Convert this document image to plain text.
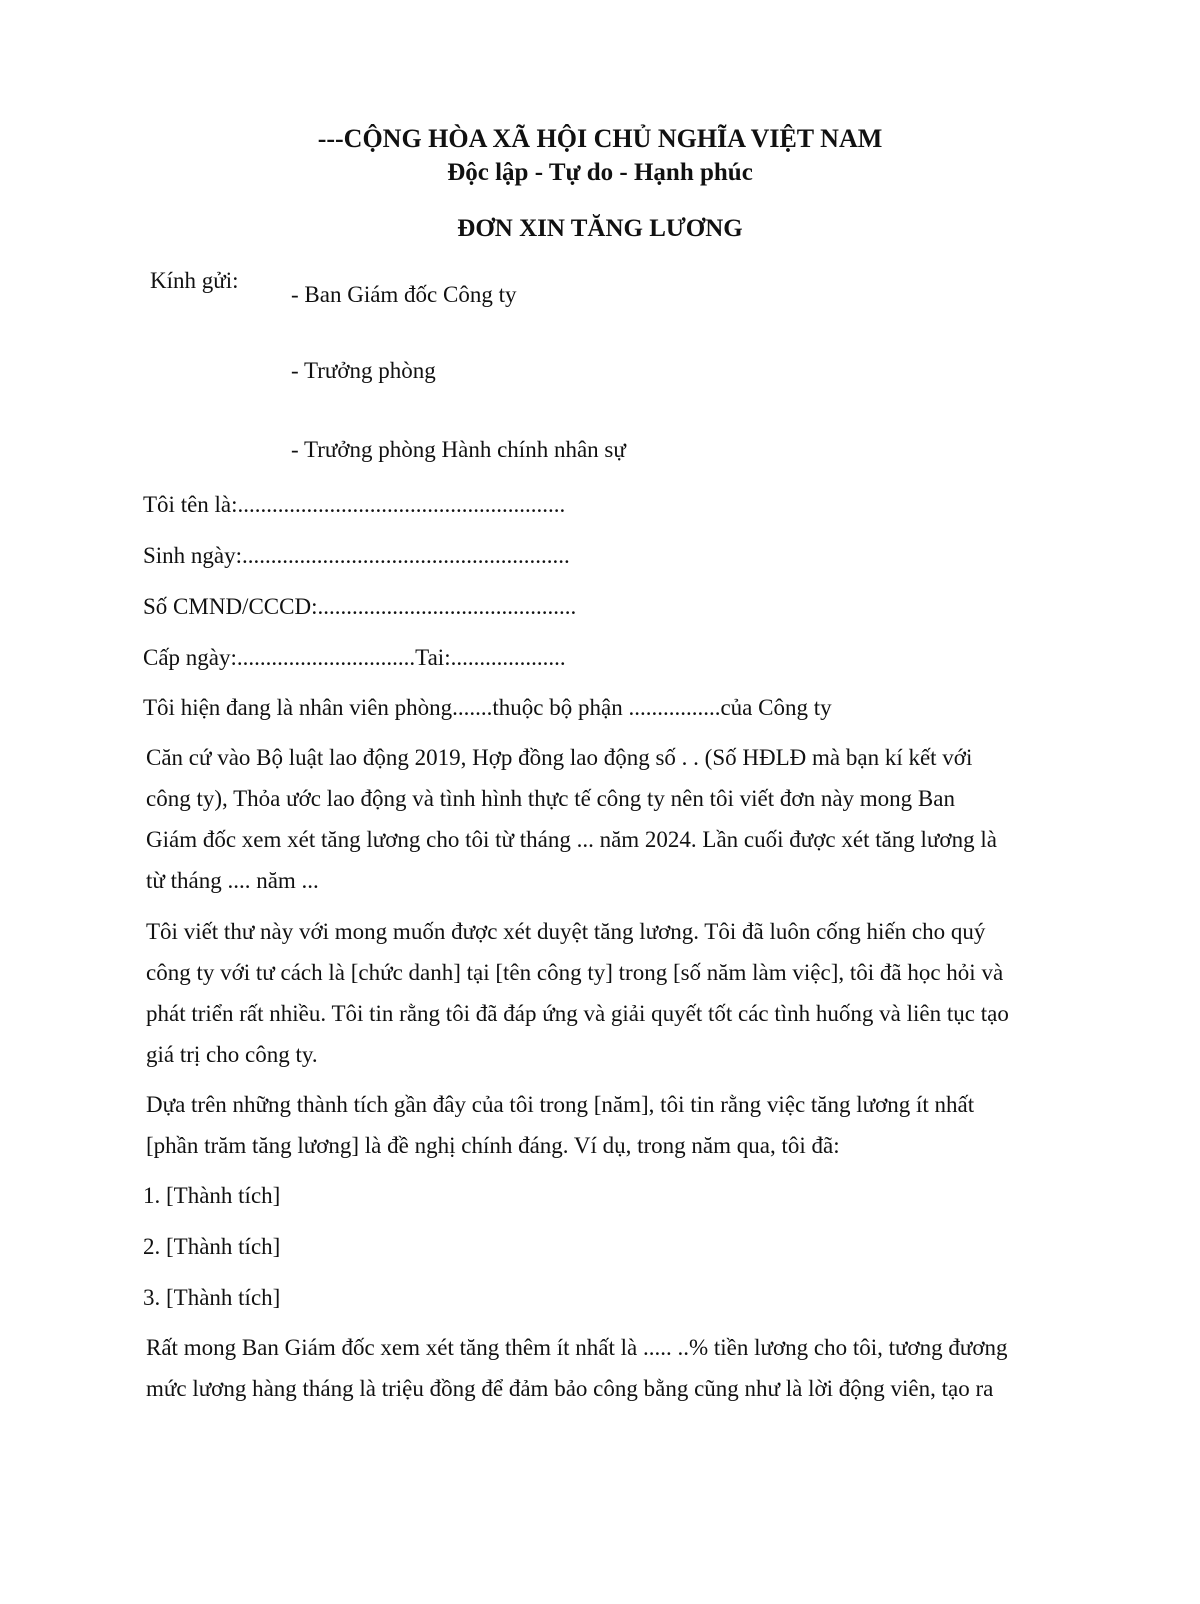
---CỘNG HÒA XÃ HỘI CHỦ NGHĨA VIỆT NAM
Độc lập - Tự do - Hạnh phúc
ĐƠN XIN TĂNG LƯƠNG
Kính gửi:
- Ban Giám đốc Công ty
- Trưởng phòng
- Trưởng phòng Hành chính nhân sự
Tôi tên là:.........................................................
Sinh ngày:.........................................................
Số CMND/CCCD:.............................................
Cấp ngày:...............................Tai:....................
Tôi hiện đang là nhân viên phòng.......thuộc bộ phận ................của Công ty
Căn cứ vào Bộ luật lao động 2019, Hợp đồng lao động số . . (Số HĐLĐ mà bạn kí kết với
công ty), Thỏa ước lao động và tình hình thực tế công ty nên tôi viết đơn này mong Ban
Giám đốc xem xét tăng lương cho tôi từ tháng ... năm 2024. Lần cuối được xét tăng lương là
từ tháng .... năm ...
Tôi viết thư này với mong muốn được xét duyệt tăng lương. Tôi đã luôn cống hiến cho quý
công ty với tư cách là [chức danh] tại [tên công ty] trong [số năm làm việc], tôi đã học hỏi và
phát triển rất nhiều. Tôi tin rằng tôi đã đáp ứng và giải quyết tốt các tình huống và liên tục tạo
giá trị cho công ty.
Dựa trên những thành tích gần đây của tôi trong [năm], tôi tin rằng việc tăng lương ít nhất
[phần trăm tăng lương] là đề nghị chính đáng. Ví dụ, trong năm qua, tôi đã:
1. [Thành tích]
2. [Thành tích]
3. [Thành tích]
Rất mong Ban Giám đốc xem xét tăng thêm ít nhất là ..... ..% tiền lương cho tôi, tương đương
mức lương hàng tháng là triệu đồng để đảm bảo công bằng cũng như là lời động viên, tạo ra
